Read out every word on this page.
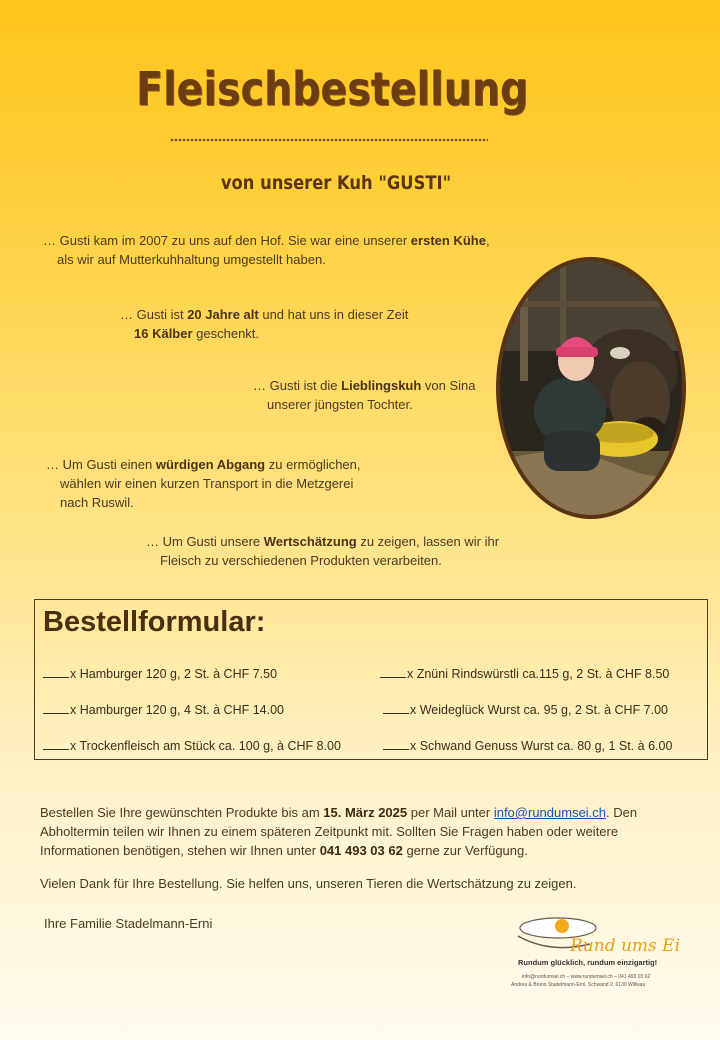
Fleischbestellung
von unserer Kuh "GUSTI"
… Gusti kam im 2007 zu uns auf den Hof. Sie war eine unserer ersten Kühe,
als wir auf Mutterkuhhaltung umgestellt haben.
… Gusti ist 20 Jahre alt und hat uns in dieser Zeit
16 Kälber geschenkt.
… Gusti ist die Lieblingskuh von Sina
unserer jüngsten Tochter.
… Um Gusti einen würdigen Abgang zu ermöglichen,
wählen wir einen kurzen Transport in die Metzgerei
nach Ruswil.
… Um Gusti unsere Wertschätzung zu zeigen, lassen wir ihr
Fleisch zu verschiedenen Produkten verarbeiten.
Bestellformular:
x Hamburger 120 g, 2 St. à CHF 7.50
x Hamburger 120 g, 4 St. à CHF 14.00
x Trockenfleisch am Stück ca. 100 g, à CHF 8.00
x Znüni Rindswürstli ca.115 g, 2 St. à CHF 8.50
x Weideglück Wurst ca. 95 g, 2 St. à CHF 7.00
x Schwand Genuss Wurst ca. 80 g, 1 St. à 6.00
Bestellen Sie Ihre gewünschten Produkte bis am 15. März 2025 per Mail unter info@rundumsei.ch. Den Abholtermin teilen wir Ihnen zu einem späteren Zeitpunkt mit. Sollten Sie Fragen haben oder weitere Informationen benötigen, stehen wir Ihnen unter 041 493 03 62 gerne zur Verfügung.
Vielen Dank für Ihre Bestellung. Sie helfen uns, unseren Tieren die Wertschätzung zu zeigen.
Ihre Familie Stadelmann-Erni
Rund ums Ei
Rundum glücklich, rundum einzigartig!
info@rundumsei.ch – www.rundumsei.ch – 041 493 03 62
Andrea & Bruno Stadelmann-Erni, Schwand 2, 6130 Willisau
